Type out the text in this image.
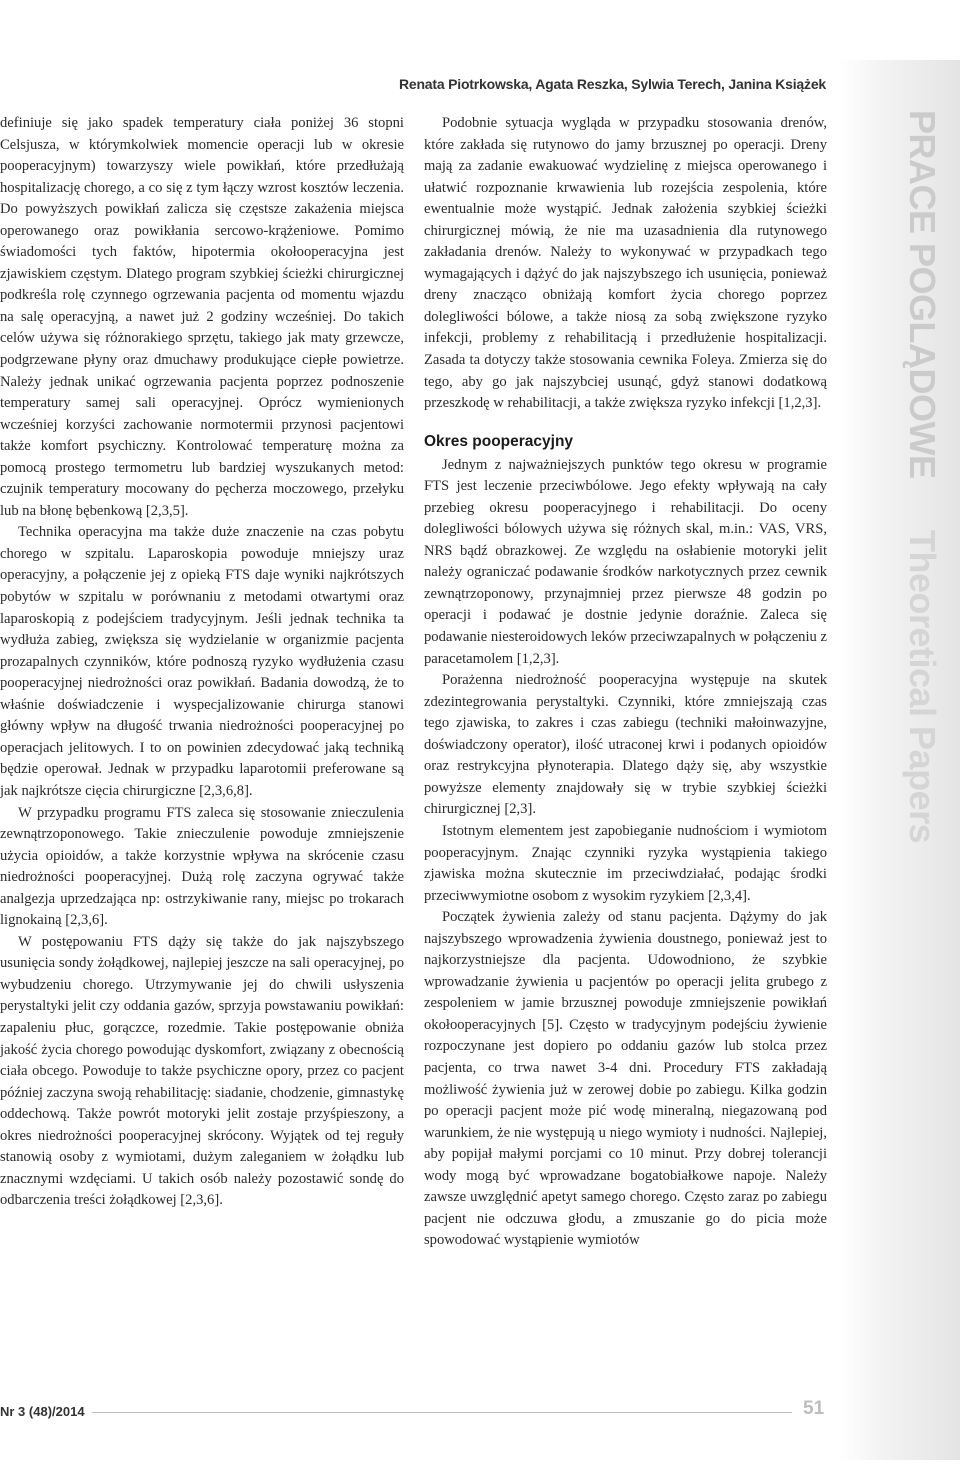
PRACE POGLĄDOWE Theoretical Papers
Renata Piotrkowska, Agata Reszka, Sylwia Terech, Janina Książek

definiuje się jako spadek temperatury ciała poniżej 36 stopni Celsjusza, w którymkolwiek momencie operacji lub w okresie pooperacyjnym) towarzyszy wiele powikłań, które przedłużają hospitalizację chorego, a co się z tym łączy wzrost kosztów leczenia. Do powyższych powikłań zalicza się częstsze zakażenia miejsca operowanego oraz powikłania sercowo-krążeniowe. Pomimo świadomości tych faktów, hipotermia okołooperacyjna jest zjawiskiem częstym. Dlatego program szybkiej ścieżki chirurgicznej podkreśla rolę czynnego ogrzewania pacjenta od momentu wjazdu na salę operacyjną, a nawet już 2 godziny wcześniej. Do takich celów używa się różnorakiego sprzętu, takiego jak maty grzewcze, podgrzewane płyny oraz dmuchawy produkujące ciepłe powietrze. Należy jednak unikać ogrzewania pacjenta poprzez podnoszenie temperatury samej sali operacyjnej. Oprócz wymienionych wcześniej korzyści zachowanie normotermii przynosi pacjentowi także komfort psychiczny. Kontrolować temperaturę można za pomocą prostego termometru lub bardziej wyszukanych metod: czujnik temperatury mocowany do pęcherza moczowego, przełyku lub na błonę bębenkową [2,3,5].

Technika operacyjna ma także duże znaczenie na czas pobytu chorego w szpitalu. Laparoskopia powoduje mniejszy uraz operacyjny, a połączenie jej z opieką FTS daje wyniki najkrótszych pobytów w szpitalu w porównaniu z metodami otwartymi oraz laparoskopią z podejściem tradycyjnym. Jeśli jednak technika ta wydłuża zabieg, zwiększa się wydzielanie w organizmie pacjenta prozapalnych czynników, które podnoszą ryzyko wydłużenia czasu pooperacyjnej niedrożności oraz powikłań. Badania dowodzą, że to właśnie doświadczenie i wyspecjalizowanie chirurga stanowi główny wpływ na długość trwania niedrożności pooperacyjnej po operacjach jelitowych. I to on powinien zdecydować jaką techniką będzie operował. Jednak w przypadku laparotomii preferowane są jak najkrótsze cięcia chirurgiczne [2,3,6,8].

W przypadku programu FTS zaleca się stosowanie znieczulenia zewnątrzoponowego. Takie znieczulenie powoduje zmniejszenie użycia opioidów, a także korzystnie wpływa na skrócenie czasu niedrożności pooperacyjnej. Dużą rolę zaczyna ogrywać także analgezja uprzedzająca np: ostrzykiwanie rany, miejsc po trokarach lignokainą [2,3,6].

W postępowaniu FTS dąży się także do jak najszybszego usunięcia sondy żołądkowej, najlepiej jeszcze na sali operacyjnej, po wybudzeniu chorego. Utrzymywanie jej do chwili usłyszenia perystaltyki jelit czy oddania gazów, sprzyja powstawaniu powikłań: zapaleniu płuc, gorączce, rozedmie. Takie postępowanie obniża jakość życia chorego powodując dyskomfort, związany z obecnością ciała obcego. Powoduje to także psychiczne opory, przez co pacjent później zaczyna swoją rehabilitację: siadanie, chodzenie, gimnastykę oddechową. Także powrót motoryki jelit zostaje przyśpieszony, a okres niedrożności pooperacyjnej skrócony. Wyjątek od tej reguły stanowią osoby z wymiotami, dużym zaleganiem w żołądku lub znacznymi wzdęciami. U takich osób należy pozostawić sondę do odbarczenia treści żołądkowej [2,3,6].

Podobnie sytuacja wygląda w przypadku stosowania drenów, które zakłada się rutynowo do jamy brzusznej po operacji. Dreny mają za zadanie ewakuować wydzielinę z miejsca operowanego i ułatwić rozpoznanie krwawienia lub rozejścia zespolenia, które ewentualnie może wystąpić. Jednak założenia szybkiej ścieżki chirurgicznej mówią, że nie ma uzasadnienia dla rutynowego zakładania drenów. Należy to wykonywać w przypadkach tego wymagających i dążyć do jak najszybszego ich usunięcia, ponieważ dreny znacząco obniżają komfort życia chorego poprzez dolegliwości bólowe, a także niosą za sobą zwiększone ryzyko infekcji, problemy z rehabilitacją i przedłużenie hospitalizacji. Zasada ta dotyczy także stosowania cewnika Foleya. Zmierza się do tego, aby go jak najszybciej usunąć, gdyż stanowi dodatkową przeszkodę w rehabilitacji, a także zwiększa ryzyko infekcji [1,2,3].

Okres pooperacyjny

Jednym z najważniejszych punktów tego okresu w programie FTS jest leczenie przeciwbólowe. Jego efekty wpływają na cały przebieg okresu pooperacyjnego i rehabilitacji. Do oceny dolegliwości bólowych używa się różnych skal, m.in.: VAS, VRS, NRS bądź obrazkowej. Ze względu na osłabienie motoryki jelit należy ograniczać podawanie środków narkotycznych przez cewnik zewnątrzoponowy, przynajmniej przez pierwsze 48 godzin po operacji i podawać je dostnie jedynie doraźnie. Zaleca się podawanie niesteroidowych leków przeciwzapalnych w połączeniu z paracetamolem [1,2,3].

Porażenna niedrożność pooperacyjna występuje na skutek zdezintegrowania perystaltyki. Czynniki, które zmniejszają czas tego zjawiska, to zakres i czas zabiegu (techniki małoinwazyjne, doświadczony operator), ilość utraconej krwi i podanych opioidów oraz restrykcyjna płynoterapia. Dlatego dąży się, aby wszystkie powyższe elementy znajdowały się w trybie szybkiej ścieżki chirurgicznej [2,3].

Istotnym elementem jest zapobieganie nudnościom i wymiotom pooperacyjnym. Znając czynniki ryzyka wystąpienia takiego zjawiska można skutecznie im przeciwdziałać, podając środki przeciwwymiotne osobom z wysokim ryzykiem [2,3,4].

Początek żywienia zależy od stanu pacjenta. Dążymy do jak najszybszego wprowadzenia żywienia doustnego, ponieważ jest to najkorzystniejsze dla pacjenta. Udowodniono, że szybkie wprowadzanie żywienia u pacjentów po operacji jelita grubego z zespoleniem w jamie brzusznej powoduje zmniejszenie powikłań okołooperacyjnych [5]. Często w tradycyjnym podejściu żywienie rozpoczynane jest dopiero po oddaniu gazów lub stolca przez pacjenta, co trwa nawet 3-4 dni. Procedury FTS zakładają możliwość żywienia już w zerowej dobie po zabiegu. Kilka godzin po operacji pacjent może pić wodę mineralną, niegazowaną pod warunkiem, że nie występują u niego wymioty i nudności. Najlepiej, aby popijał małymi porcjami co 10 minut. Przy dobrej tolerancji wody mogą być wprowadzane bogatobiałkowe napoje. Należy zawsze uwzględnić apetyt samego chorego. Często zaraz po zabiegu pacjent nie odczuwa głodu, a zmuszanie go do picia może spowodować wystąpienie wymiotów

Nr 3 (48)/2014	51
